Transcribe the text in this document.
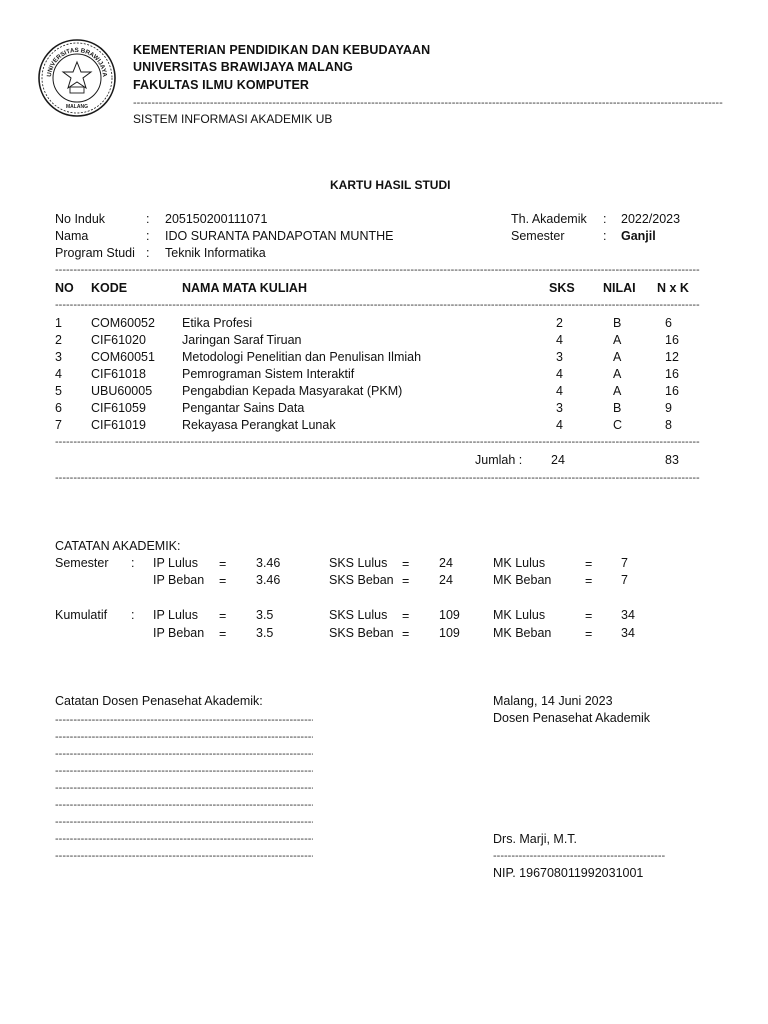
UNIVERSITAS BRAWIJAYA
MALANG
KEMENTERIAN PENDIDIKAN DAN KEBUDAYAAN
UNIVERSITAS BRAWIJAYA MALANG
FAKULTAS ILMU KOMPUTER
-----
SISTEM INFORMASI AKADEMIK UB
KARTU HASIL STUDI
No Induk	: 205150200111071
Nama	: IDO SURANTA PANDAPOTAN MUNTHE
Program Studi : Teknik Informatika
Th. Akademik : 2022/2023
Semester	: Ganjil
-----
NO KODE	NAMA MATA KULIAH	SKS NILAI N x K
-----
1 COM60052 Etika Profesi	2	B	6
2 CIF61020	Jaringan Saraf Tiruan	4	A	16
3 COM60051 Metodologi Penelitian dan Penulisan Ilmiah	3	A	12
4 CIF61018	Pemrograman Sistem Interaktif	4	A	16
5 UBU60005 Pengabdian Kepada Masyarakat (PKM)	4	A	16
6 CIF61059	Pengantar Sains Data	3	B	9
7 CIF61019	Rekayasa Perangkat Lunak	4	C	8
-----
Jumlah : 24	83
-----
CATATAN AKADEMIK:
Semester : IP Lulus = 3.46	SKS Lulus = 24	MK Lulus	= 7
IP Beban = 3.46	SKS Beban = 24	MK Beban	= 7
Kumulatif : IP Lulus = 3.5	SKS Lulus = 109	MK Lulus	= 34
IP Beban = 3.5	SKS Beban = 109	MK Beban	= 34
Catatan Dosen Penasehat Akademik:
-----
-----
-----
-----
-----
-----
-----
-----
-----	Malang, 14 Juni 2023
Dosen Penasehat Akademik
Drs. Marji, M.T.
-----
NIP. 196708011992031001
